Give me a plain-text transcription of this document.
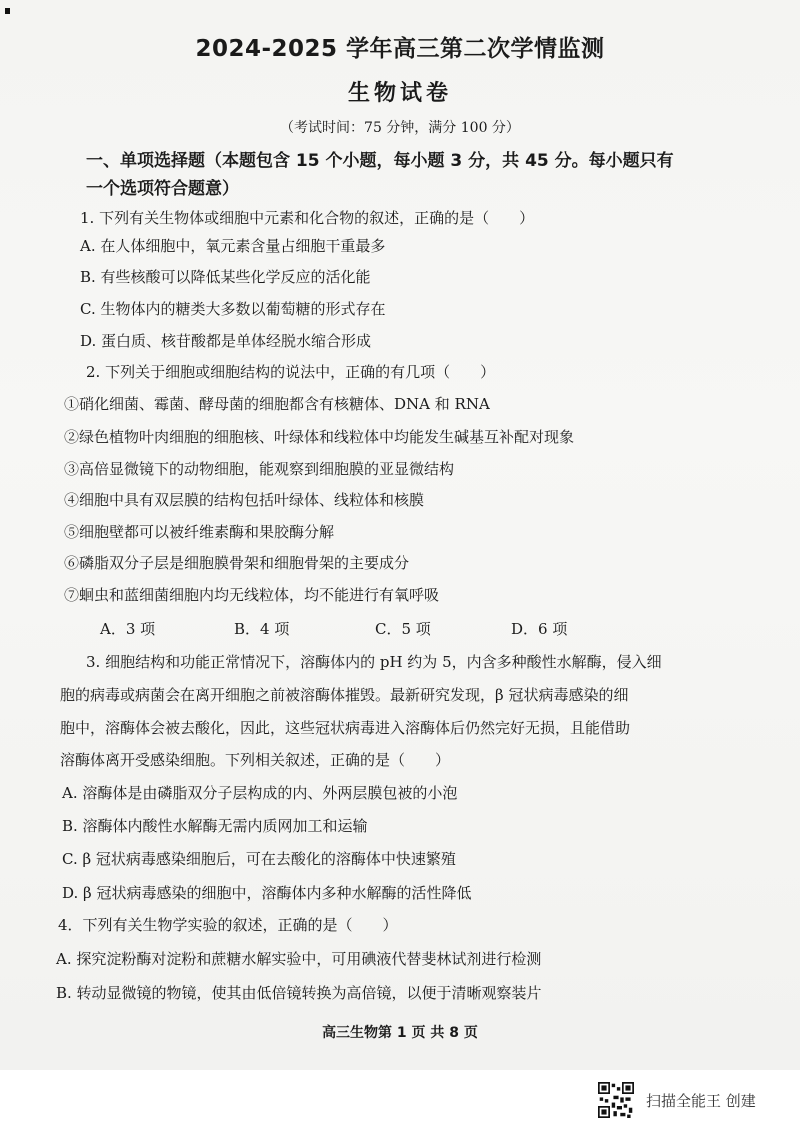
2024-2025 学年高三第二次学情监测
生物试卷
（考试时间：75 分钟，满分 100 分）
一、单项选择题（本题包含 15 个小题，每小题 3 分，共 45 分。每小题只有
一个选项符合题意）
1. 下列有关生物体或细胞中元素和化合物的叙述，正确的是（　　）
A. 在人体细胞中，氧元素含量占细胞干重最多
B. 有些核酸可以降低某些化学反应的活化能
C. 生物体内的糖类大多数以葡萄糖的形式存在
D. 蛋白质、核苷酸都是单体经脱水缩合形成
2. 下列关于细胞或细胞结构的说法中，正确的有几项（　　）
①硝化细菌、霉菌、酵母菌的细胞都含有核糖体、DNA 和 RNA
②绿色植物叶肉细胞的细胞核、叶绿体和线粒体中均能发生碱基互补配对现象
③高倍显微镜下的动物细胞，能观察到细胞膜的亚显微结构
④细胞中具有双层膜的结构包括叶绿体、线粒体和核膜
⑤细胞壁都可以被纤维素酶和果胶酶分解
⑥磷脂双分子层是细胞膜骨架和细胞骨架的主要成分
⑦蛔虫和蓝细菌细胞内均无线粒体，均不能进行有氧呼吸
A．3 项	B．4 项	C．5 项	D．6 项
3. 细胞结构和功能正常情况下，溶酶体内的 pH 约为 5，内含多种酸性水解酶，侵入细
胞的病毒或病菌会在离开细胞之前被溶酶体摧毁。最新研究发现，β 冠状病毒感染的细
胞中，溶酶体会被去酸化，因此，这些冠状病毒进入溶酶体后仍然完好无损，且能借助
溶酶体离开受感染细胞。下列相关叙述，正确的是（　　）
A. 溶酶体是由磷脂双分子层构成的内、外两层膜包被的小泡
B. 溶酶体内酸性水解酶无需内质网加工和运输
C. β 冠状病毒感染细胞后，可在去酸化的溶酶体中快速繁殖
D. β 冠状病毒感染的细胞中，溶酶体内多种水解酶的活性降低
4．下列有关生物学实验的叙述，正确的是（　　）
A. 探究淀粉酶对淀粉和蔗糖水解实验中，可用碘液代替斐林试剂进行检测
B. 转动显微镜的物镜，使其由低倍镜转换为高倍镜，以便于清晰观察装片
高三生物第 1 页 共 8 页
扫描全能王 创建
